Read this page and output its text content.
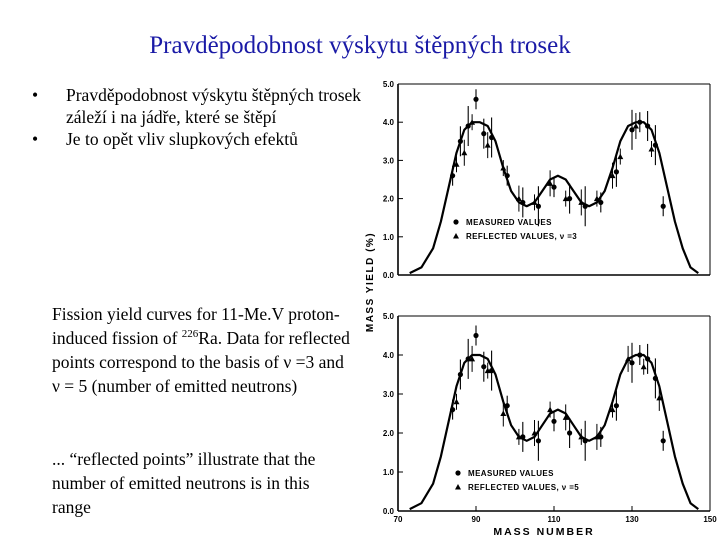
Pravděpodobnost výskytu štěpných trosek
• Pravděpodobnost výskytu štěpných trosek záleží i na jádře, které se štěpí
• Je to opět vliv slupkových efektů

Fission yield curves for 11-Me.V proton-induced fission of $^{226}$Ra. Data for reflected points correspond to the basis of ν =3 and ν = 5 (number of emitted neutrons)

... “reflected points” illustrate that the number of emitted neutrons is in this range

5.0
4.0
3.0
2.0
1.0
0.0
MASS YIELD (%)
MEASURED VALUES
REFLECTED VALUES, ν =3
5.0
4.0
3.0
2.0
1.0
0.0
70	90	110	130	150
MASS NUMBER
MEASURED VALUES
REFLECTED VALUES, ν =5
